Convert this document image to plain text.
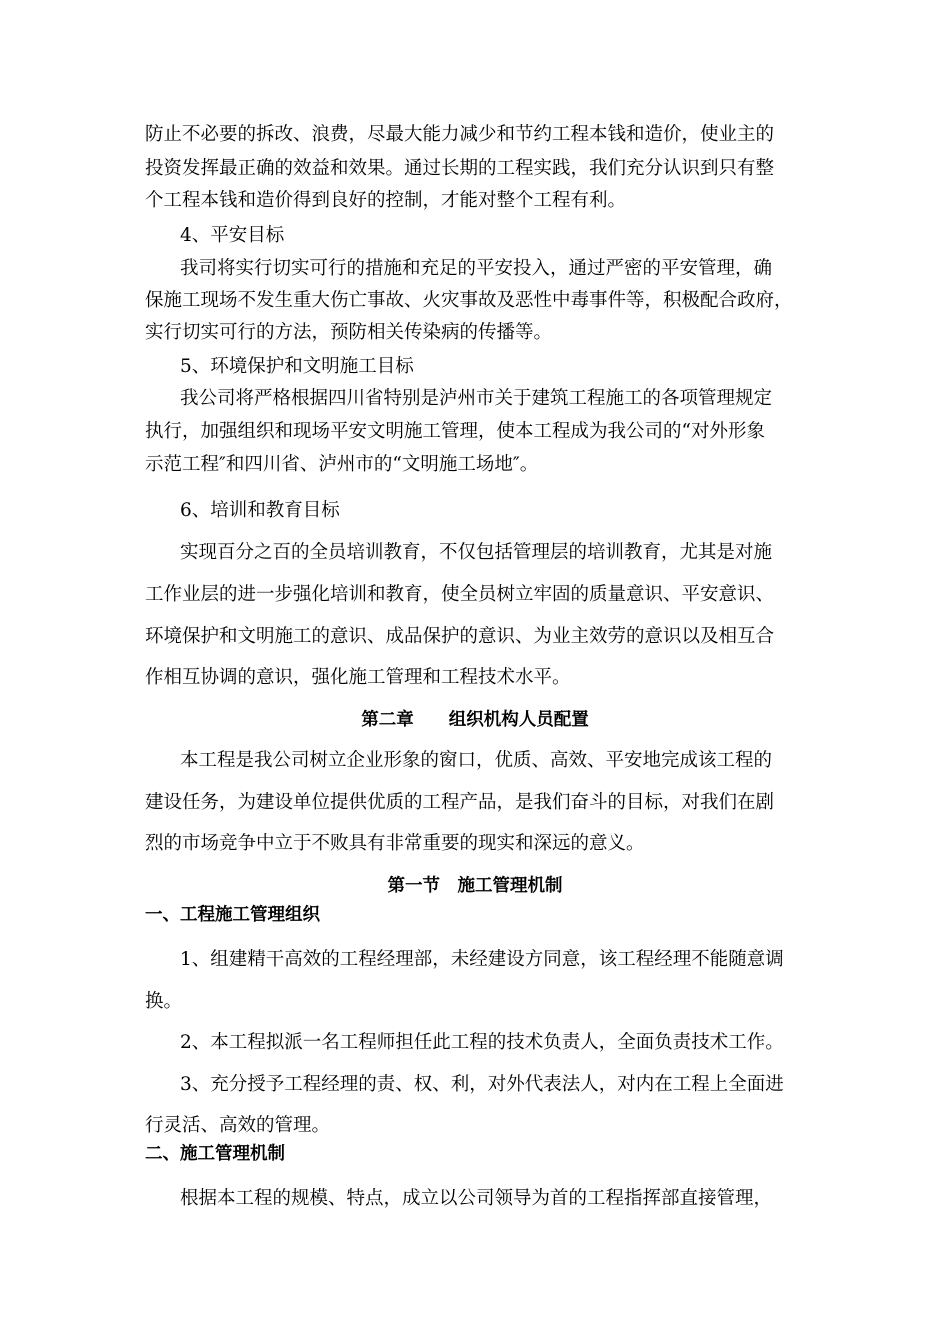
防止不必要的拆改、浪费，尽最大能力减少和节约工程本钱和造价，使业主的
投资发挥最正确的效益和效果。通过长期的工程实践，我们充分认识到只有整
个工程本钱和造价得到良好的控制，才能对整个工程有利。
4、平安目标
我司将实行切实可行的措施和充足的平安投入，通过严密的平安管理，确
保施工现场不发生重大伤亡事故、火灾事故及恶性中毒事件等，积极配合政府，
实行切实可行的方法，预防相关传染病的传播等。
5、环境保护和文明施工目标
我公司将严格根据四川省特别是泸州市关于建筑工程施工的各项管理规定
执行，加强组织和现场平安文明施工管理，使本工程成为我公司的“对外形象
示范工程″和四川省、泸州市的“文明施工场地″。
6、培训和教育目标
实现百分之百的全员培训教育，不仅包括管理层的培训教育，尤其是对施
工作业层的进一步强化培训和教育，使全员树立牢固的质量意识、平安意识、
环境保护和文明施工的意识、成品保护的意识、为业主效劳的意识以及相互合
作相互协调的意识，强化施工管理和工程技术水平。
第二章　　组织机构人员配置
本工程是我公司树立企业形象的窗口，优质、高效、平安地完成该工程的
建设任务，为建设单位提供优质的工程产品，是我们奋斗的目标，对我们在剧
烈的市场竞争中立于不败具有非常重要的现实和深远的意义。
第一节　施工管理机制
一、工程施工管理组织
1、组建精干高效的工程经理部，未经建设方同意，该工程经理不能随意调
换。
2、本工程拟派一名工程师担任此工程的技术负责人，全面负责技术工作。
3、充分授予工程经理的责、权、利，对外代表法人，对内在工程上全面进
行灵活、高效的管理。
二、施工管理机制
根据本工程的规模、特点，成立以公司领导为首的工程指挥部直接管理，
